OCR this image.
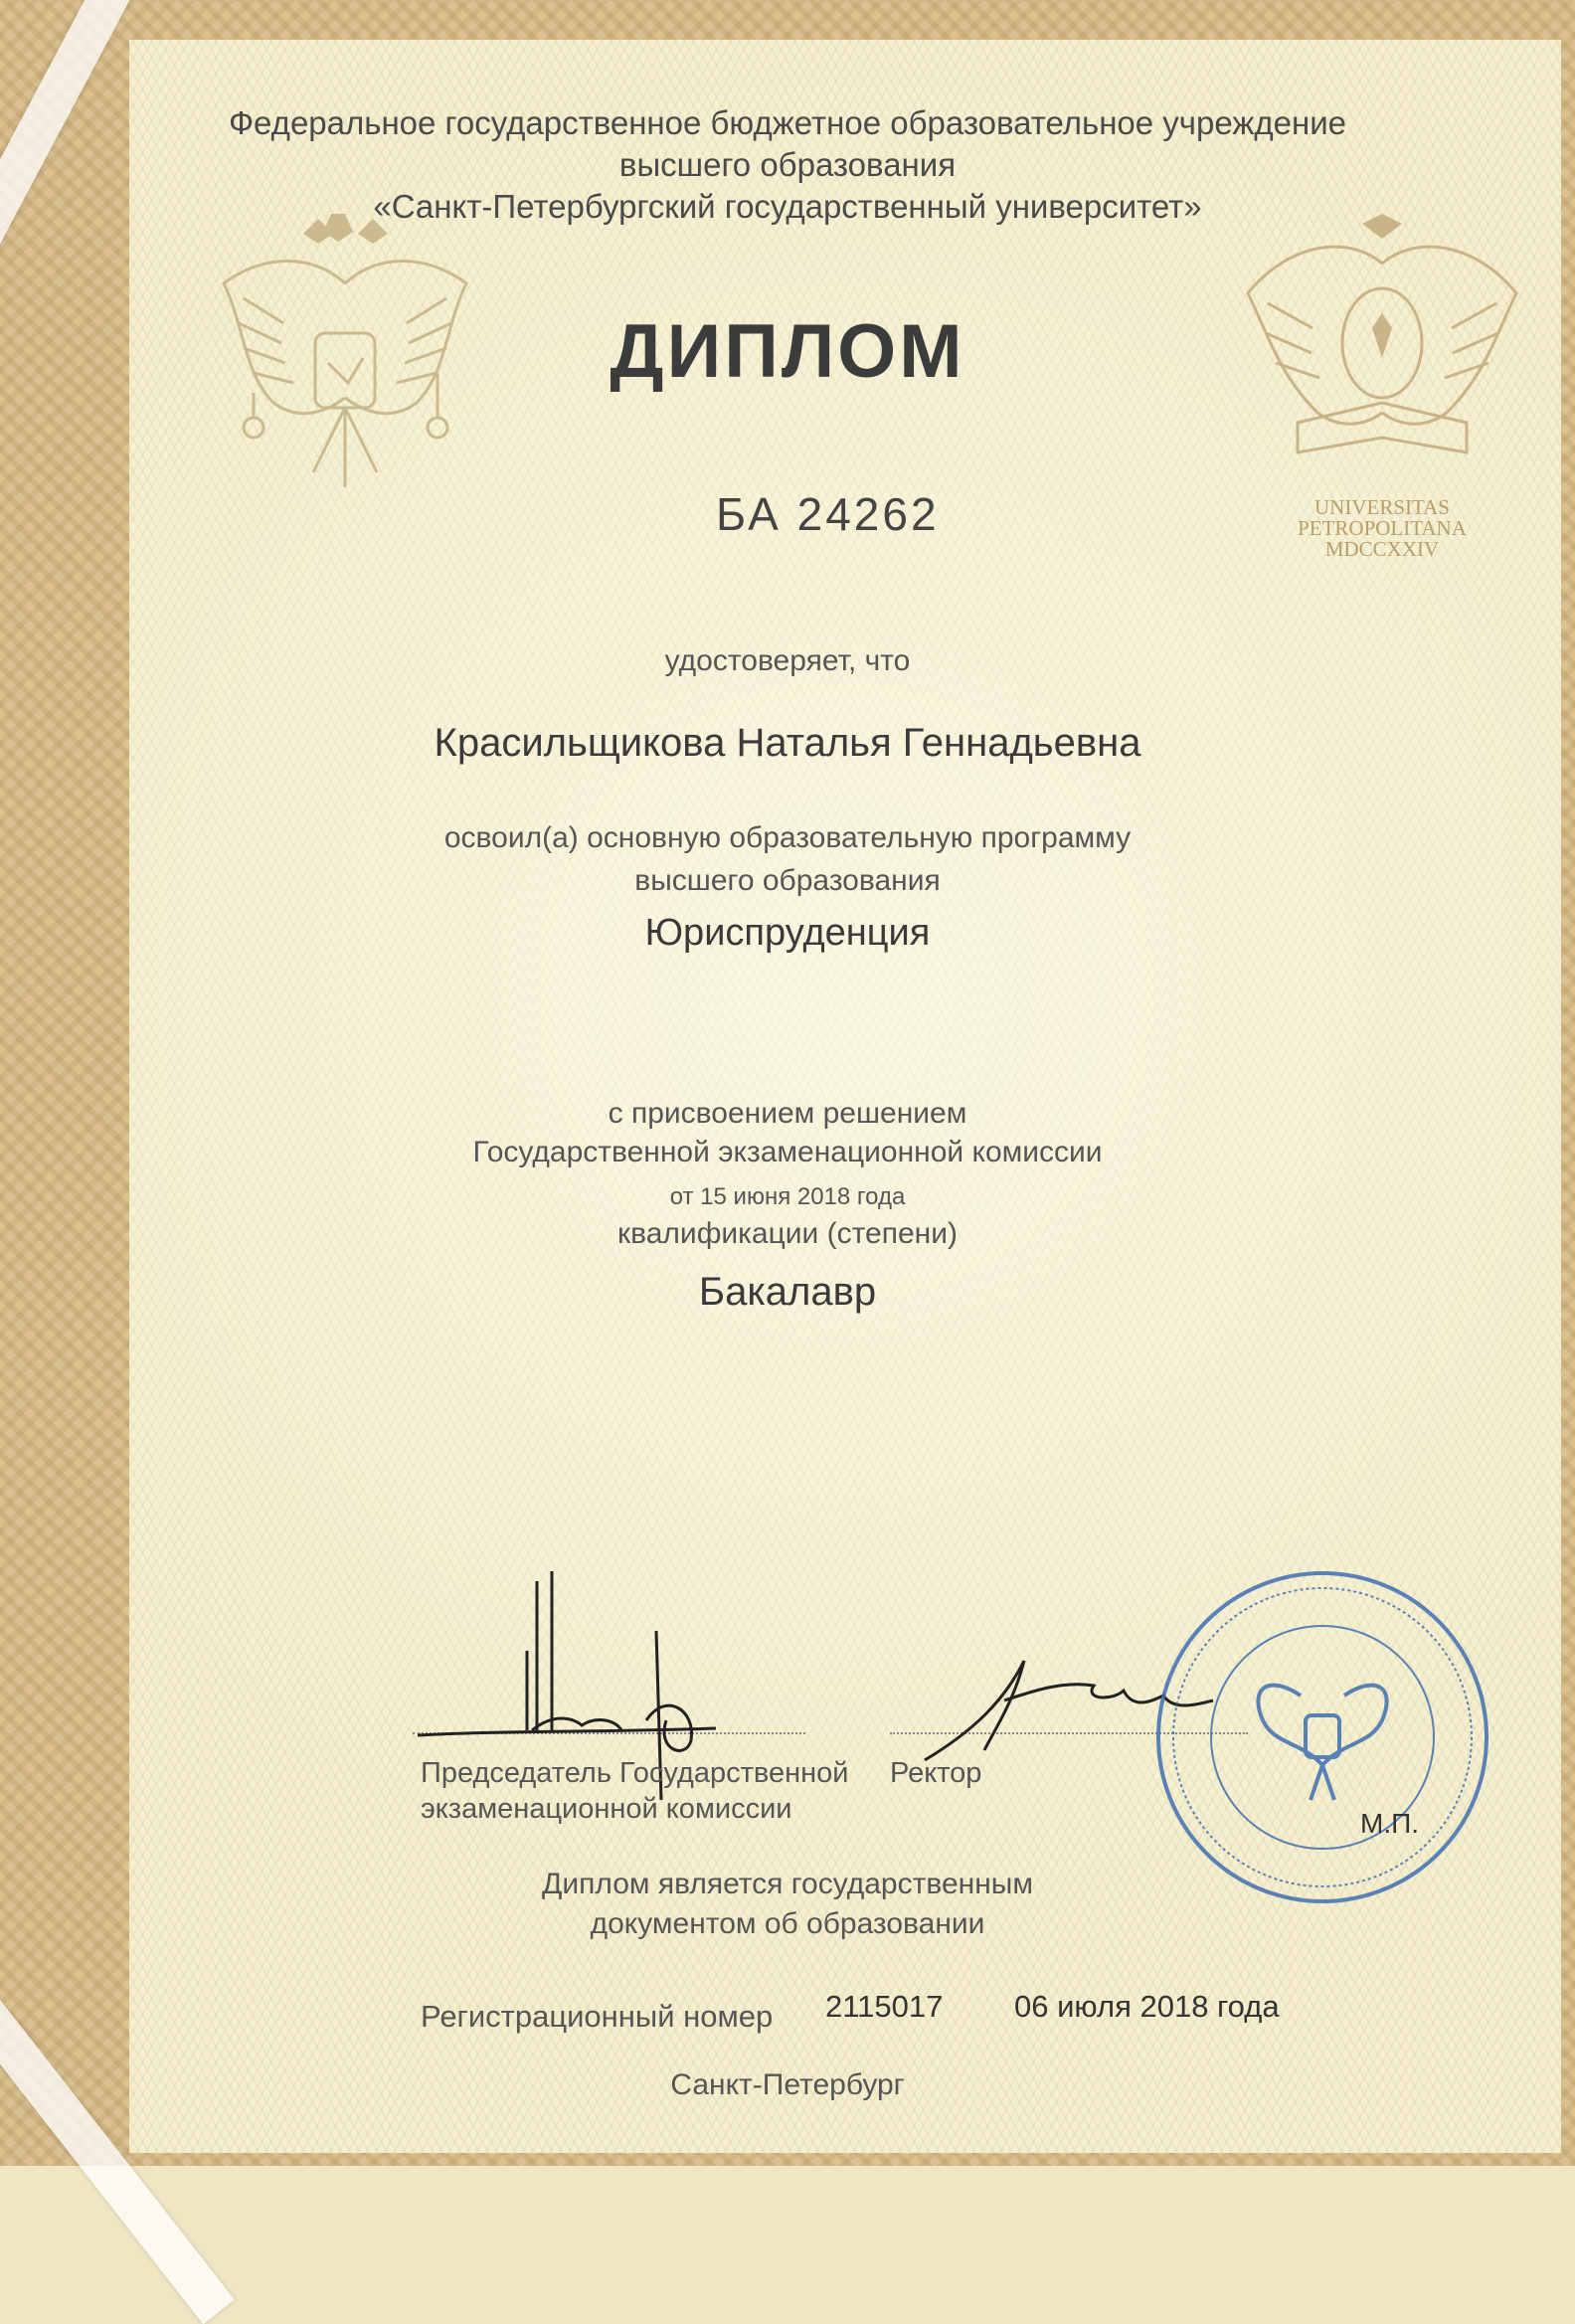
Федеральное государственное бюджетное образовательное учреждение
высшего образования
«Санкт-Петербургский государственный университет»
ДИПЛОМ
UNIVERSITAS
PETROPOLITANA
MDCCXXIV
БА 24262
удостоверяет, что
Красильщикова Наталья Геннадьевна
освоил(а) основную образовательную программу
высшего образования
Юриспруденция
с присвоением решением
Государственной экзаменационной комиссии
от 15 июня 2018 года
квалификации (степени)
Бакалавр
Председатель Государственной
экзаменационной комиссии
Ректор
М.П.
Диплом является государственным
документом об образовании
Регистрационный номер 2115017 06 июля 2018 года
Санкт-Петербург
